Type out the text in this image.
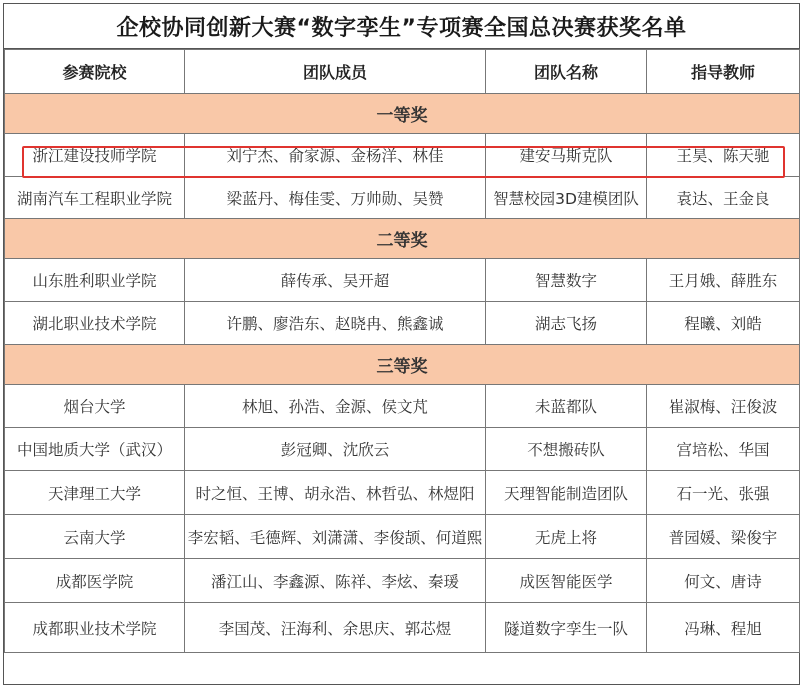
企校协同创新大赛“数字孪生”专项赛全国总决赛获奖名单
参赛院校	团队成员	团队名称	指导教师
一等奖			
浙江建设技师学院	刘宁杰、俞家源、金杨洋、林佳	建安马斯克队	王昊、陈天驰
湖南汽车工程职业学院	梁蓝丹、梅佳雯、万帅勋、吴赞	智慧校园3D建模团队	袁达、王金良
二等奖			
山东胜利职业学院	薛传承、吴开超	智慧数字	王月娥、薛胜东
湖北职业技术学院	许鹏、廖浩东、赵晓冉、熊鑫诚	湖志飞扬	程曦、刘皓
三等奖			
烟台大学	林旭、孙浩、金源、侯文芃	未蓝都队	崔淑梅、汪俊波
中国地质大学（武汉）	彭冠卿、沈欣云	不想搬砖队	宫培松、华国
天津理工大学	时之恒、王博、胡永浩、林哲弘、林煜阳	天理智能制造团队	石一光、张强
云南大学	李宏韬、毛德辉、刘潇潇、李俊颉、何道熙	无虎上将	普园媛、梁俊宇
成都医学院	潘江山、李鑫源、陈祥、李炫、秦瑗	成医智能医学	何文、唐诗
成都职业技术学院	李国茂、汪海利、余思庆、郭芯煜	隧道数字孪生一队	冯琳、程旭
